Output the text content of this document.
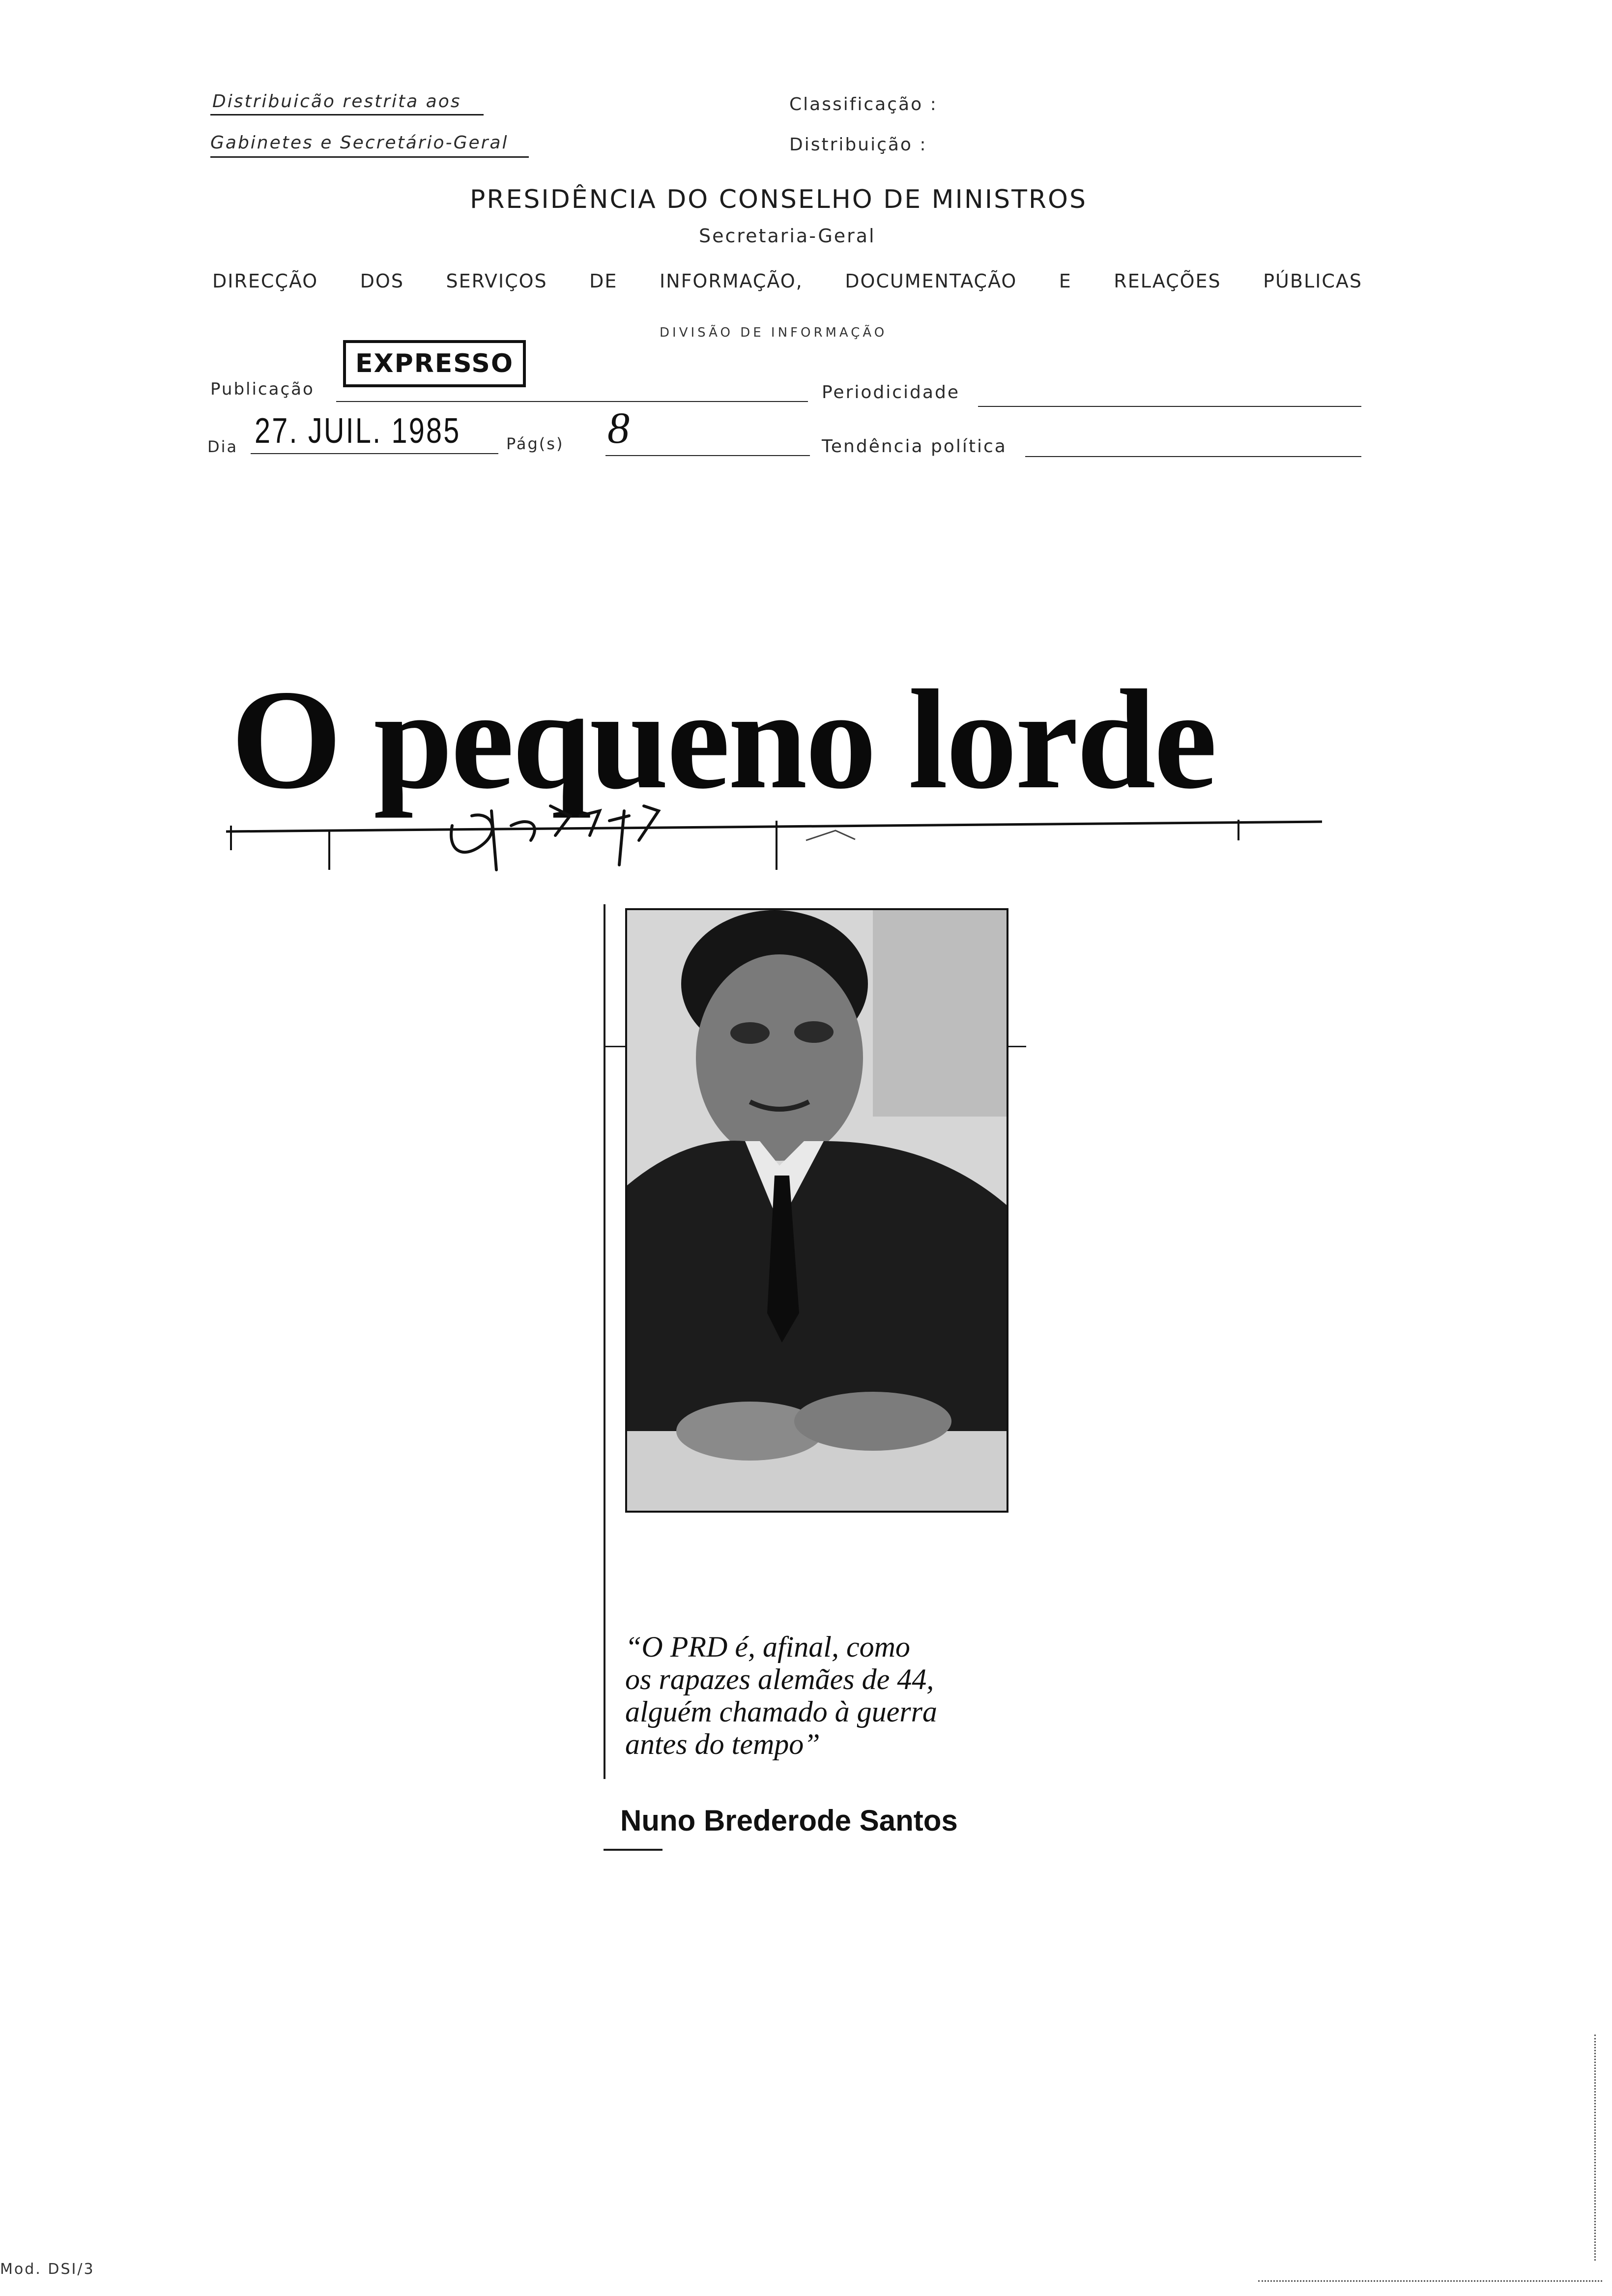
Distribuicão restrita aos
Gabinetes e Secretário-Geral
Classificação :
Distribuição :
PRESIDÊNCIA DO CONSELHO DE MINISTROS
Secretaria-Geral
DIRECÇÃO DOS SERVIÇOS DE INFORMAÇÃO, DOCUMENTAÇÃO E RELAÇÕES PÚBLICAS
DIVISÃO DE INFORMAÇÃO
Publicação
EXPRESSO
Periodicidade
Dia 27. JUIL. 1985	Pág(s) 8	Tendência política
O pequeno lorde
“O PRD é, afinal, como
os rapazes alemães de 44,
alguém chamado à guerra
antes do tempo”
Nuno Brederode Santos
Mod. DSI/3
